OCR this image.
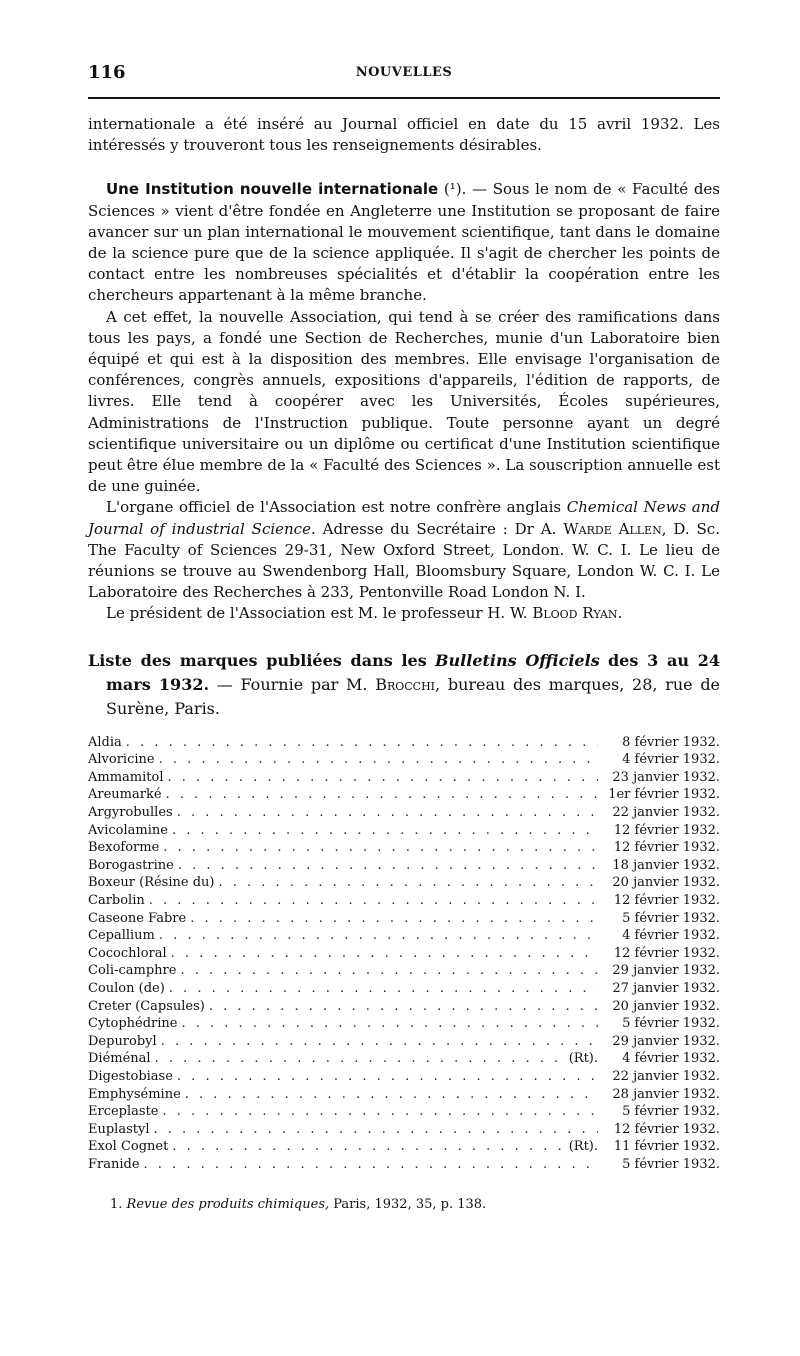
116	NOUVELLES

internationale a été inséré au Journal officiel en date du 15 avril 1932. Les intéressés y trouveront tous les renseignements désirables.

Une Institution nouvelle internationale (¹). — Sous le nom de « Faculté des Sciences » vient d'être fondée en Angleterre une Institution se proposant de faire avancer sur un plan international le mouvement scientifique, tant dans le domaine de la science pure que de la science appliquée. Il s'agit de chercher les points de contact entre les nombreuses spécialités et d'établir la coopération entre les chercheurs appartenant à la même branche.

A cet effet, la nouvelle Association, qui tend à se créer des ramifications dans tous les pays, a fondé une Section de Recherches, munie d'un Laboratoire bien équipé et qui est à la disposition des membres. Elle envisage l'organisation de conférences, congrès annuels, expositions d'appareils, l'édition de rapports, de livres. Elle tend à coopérer avec les Universités, Écoles supérieures, Administrations de l'Instruction publique. Toute personne ayant un degré scientifique universitaire ou un diplôme ou certificat d'une Institution scientifique peut être élue membre de la « Faculté des Sciences ». La souscription annuelle est de une guinée.

L'organe officiel de l'Association est notre confrère anglais Chemical News and Journal of industrial Science. Adresse du Secrétaire : Dr A. Warde Allen, D. Sc. The Faculty of Sciences 29-31, New Oxford Street, London. W. C. I. Le lieu de réunions se trouve au Swendenborg Hall, Bloomsbury Square, London W. C. I. Le Laboratoire des Recherches à 233, Pentonville Road London N. I.

Le président de l'Association est M. le professeur H. W. Blood Ryan.

Liste des marques publiées dans les Bulletins Officiels des 3 au 24 mars 1932. — Fournie par M. Brocchi, bureau des marques, 28, rue de Surène, Paris.

Aldia . . .	8 février 1932.
Alvoricine . . .	4 février 1932.
Ammamitol . . .	23 janvier 1932.
Areumarké . . .	1er février 1932.
Argyrobulles . . .	22 janvier 1932.
Avicolamine . . .	12 février 1932.
Bexoforme . . .	12 février 1932.
Borogastrine . . .	18 janvier 1932.
Boxeur (Résine du) . . .	20 janvier 1932.
Carbolin . . .	12 février 1932.
Caseone Fabre . . .	5 février 1932.
Cepallium . . .	4 février 1932.
Cocochloral . . .	12 février 1932.
Coli-camphre . . .	29 janvier 1932.
Coulon (de) . . .	27 janvier 1932.
Creter (Capsules) . . .	20 janvier 1932.
Cytophédrine . . .	5 février 1932.
Depurobyl . . .	29 janvier 1932.
Diéménal . . .	(Rt).	4 février 1932.
Digestobiase . . .	22 janvier 1932.
Emphysémine . . .	28 janvier 1932.
Erceplaste . . .	5 février 1932.
Euplastyl . . .	12 février 1932.
Exol Cognet . . .	(Rt).	11 février 1932.
Franide . . .	5 février 1932.
1. Revue des produits chimiques, Paris, 1932, 35, p. 138.
